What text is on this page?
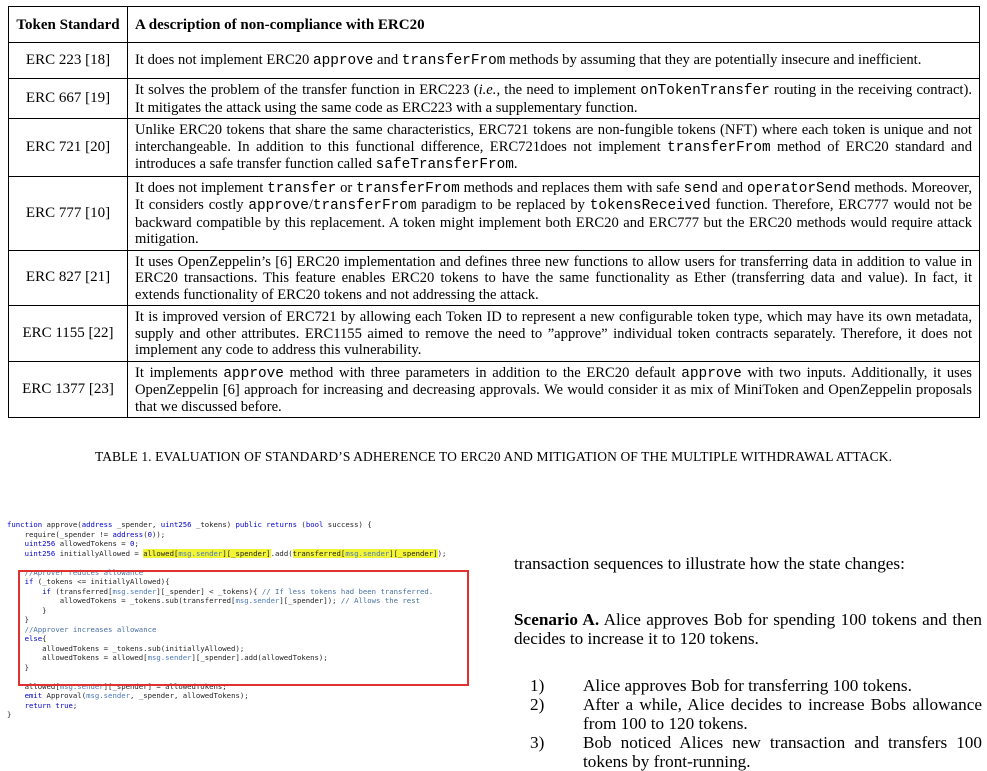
Token Standard	A description of non-compliance with ERC20
ERC 223 [18]	It does not implement ERC20 approve and transferFrom methods by assuming that they are potentially insecure and inefficient.
ERC 667 [19]	It solves the problem of the transfer function in ERC223 (i.e., the need to implement onTokenTransfer routing in the receiving contract). It mitigates the attack using the same code as ERC223 with a supplementary function.
ERC 721 [20]	Unlike ERC20 tokens that share the same characteristics, ERC721 tokens are non-fungible tokens (NFT) where each token is unique and not interchangeable. In addition to this functional difference, ERC721does not implement transferFrom method of ERC20 standard and introduces a safe transfer function called safeTransferFrom.
ERC 777 [10]	It does not implement transfer or transferFrom methods and replaces them with safe send and operatorSend methods. Moreover, It considers costly approve/transferFrom paradigm to be replaced by tokensReceived function. Therefore, ERC777 would not be backward compatible by this replacement. A token might implement both ERC20 and ERC777 but the ERC20 methods would require attack mitigation.
ERC 827 [21]	It uses OpenZeppelin’s [6] ERC20 implementation and defines three new functions to allow users for transferring data in addition to value in ERC20 transactions. This feature enables ERC20 tokens to have the same functionality as Ether (transferring data and value). In fact, it extends functionality of ERC20 tokens and not addressing the attack.
ERC 1155 [22]	It is improved version of ERC721 by allowing each Token ID to represent a new configurable token type, which may have its own metadata, supply and other attributes. ERC1155 aimed to remove the need to ”approve” individual token contracts separately. Therefore, it does not implement any code to address this vulnerability.
ERC 1377 [23]	It implements approve method with three parameters in addition to the ERC20 default approve with two inputs. Additionally, it uses OpenZeppelin [6] approach for increasing and decreasing approvals. We would consider it as mix of MiniToken and OpenZeppelin proposals that we discussed before.
TABLE 1. EVALUATION OF STANDARD’S ADHERENCE TO ERC20 AND MITIGATION OF THE MULTIPLE WITHDRAWAL ATTACK.
function approve(address _spender, uint256 _tokens) public returns (bool success) {
require(_spender != address(0));
uint256 allowedTokens = 0;
uint256 initiallyAllowed = allowed[msg.sender][_spender].add(transferred[msg.sender][_spender]);
//Aprover reduces allowance
if (_tokens <= initiallyAllowed){
if (transferred[msg.sender][_spender] < _tokens){ // If less tokens had been transferred.
allowedTokens = _tokens.sub(transferred[msg.sender][_spender]); // Allows the rest
}
}
//Approver increases allowance
else{
allowedTokens = _tokens.sub(initiallyAllowed);
allowedTokens = allowed[msg.sender][_spender].add(allowedTokens);
}
allowed[msg.sender][_spender] = allowedTokens;
emit Approval(msg.sender, _spender, allowedTokens);
return true;
}
transaction sequences to illustrate how the state changes:
Scenario A. Alice approves Bob for spending 100 tokens and then decides to increase it to 120 tokens.
1) Alice approves Bob for transferring 100 tokens.
2) After a while, Alice decides to increase Bobs allowance from 100 to 120 tokens.
3) Bob noticed Alices new transaction and transfers 100 tokens by front-running.
